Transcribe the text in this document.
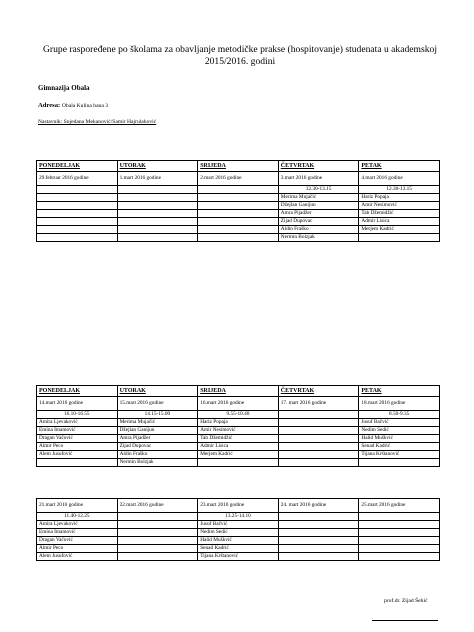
Grupe raspoređene po školama za obavljanje metodičke prakse (hospitovanje) studenata u akademskoj 2015/2016. godini
Gimnazija Obala
Adresa: Obala Kulina bana 3
Nastavnik: Snjedana Mekanović/Samir Hajrulahović
PONEDELJAK	UTORAK	SRIJEDA	ČETVRTAK	PETAK
29.februar 2016 godine	1.mart 2016 godine	2.mart 2016 godine	3.mart 2016 godine	4.mart 2016 godine
			12.30-13.15	12.30-13.15
			Merima Mujačić	Hariz Popaja
			Džejlan Ganijun	Amir Nesimović
			Amra Pijadžer	Tab Džemidžić
			Zijad Dupovac	Admir Lisica
			Aldin Fraško	Merjem Kadrić
			Nermin Bolzjak	
PONEDELJAK	UTORAK	SRIJEDA	ČETVRTAK	PETAK
14.mart 2016 godine	15.mart 2016 godine	16.mart 2016 godine	17. mart 2016 godine	18.mart 2016 godine
16.10-16.55	14.15-15.00	9.55-10.40		8.50-9.35
Amira Ljevaković	Merima Mujačić	Hariz Popaja		Jusuf Bačvić
Emina Imamović	Džejlan Ganijun	Amir Nesimović		Nedim Sedić
Dragan Vačović	Amra Pijadžer	Tab Džemidžić		Halid Muškvić
Almir Peco	Zijad Dupovac	Admir Lisica		Senad Kadrić
Alem Jusufović	Aldin Fraško	Merjem Kadrić		Tijana Krštanović
	Nermin Bolzjak			
21.mart 2016 godine	22.mart 2016 godine	23.mart 2016 godine	24. mart 2016 godine	25.mart 2016 godine
11.40-12.25		13.25-14.10		
Amira Ljevaković		Jusuf Bačvić		
Emina Imamović		Nedim Sedić		
Dragan Vačović		Halid Muškvić		
Almir Peco		Senad Kadrić		
Alem Jusufović		Tijana Krštanović		
prof.dr. Zijad Šehić
